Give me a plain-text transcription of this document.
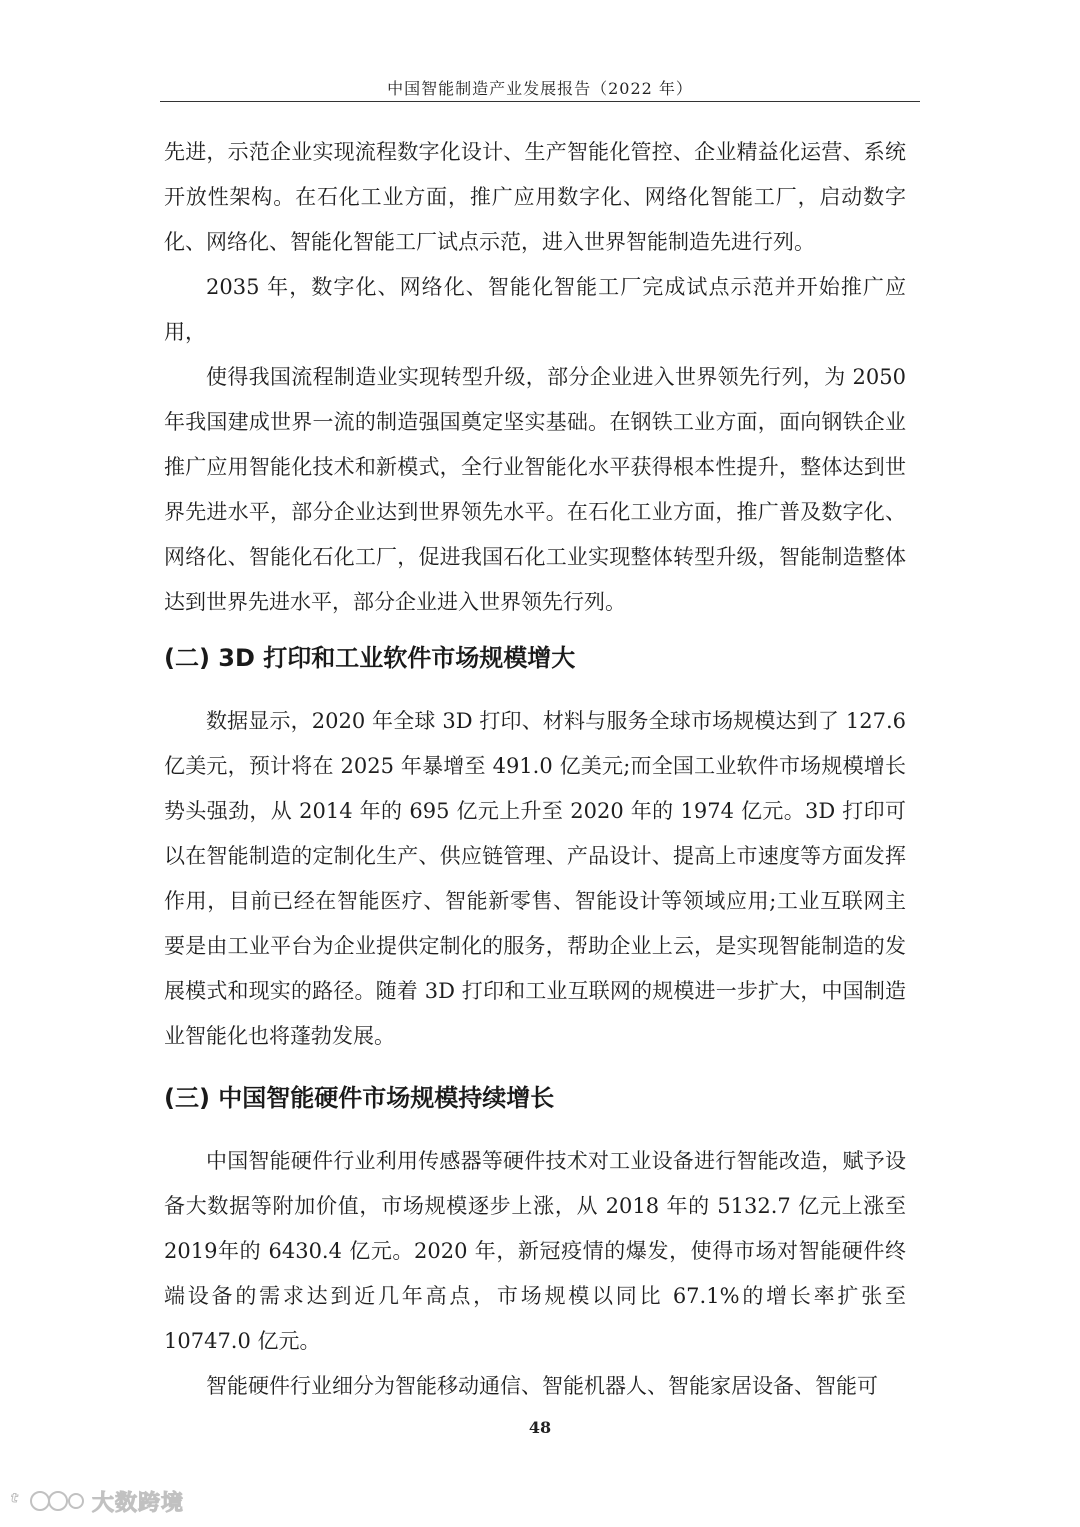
中国智能制造产业发展报告（2022 年）

先进，示范企业实现流程数字化设计、生产智能化管控、企业精益化运营、系统开放性架构。在石化工业方面，推广应用数字化、网络化智能工厂，启动数字化、网络化、智能化智能工厂试点示范，进入世界智能制造先进行列。

2035 年，数字化、网络化、智能化智能工厂完成试点示范并开始推广应用，

使得我国流程制造业实现转型升级，部分企业进入世界领先行列，为 2050 年我国建成世界一流的制造强国奠定坚实基础。在钢铁工业方面，面向钢铁企业推广应用智能化技术和新模式，全行业智能化水平获得根本性提升，整体达到世界先进水平，部分企业达到世界领先水平。在石化工业方面，推广普及数字化、网络化、智能化石化工厂，促进我国石化工业实现整体转型升级，智能制造整体达到世界先进水平，部分企业进入世界领先行列。

(二) 3D 打印和工业软件市场规模增大

数据显示，2020 年全球 3D 打印、材料与服务全球市场规模达到了 127.6 亿美元，预计将在 2025 年暴增至 491.0 亿美元;而全国工业软件市场规模增长势头强劲，从 2014 年的 695 亿元上升至 2020 年的 1974 亿元。3D 打印可以在智能制造的定制化生产、供应链管理、产品设计、提高上市速度等方面发挥作用，目前已经在智能医疗、智能新零售、智能设计等领域应用;工业互联网主要是由工业平台为企业提供定制化的服务，帮助企业上云，是实现智能制造的发展模式和现实的路径。随着 3D 打印和工业互联网的规模进一步扩大，中国制造业智能化也将蓬勃发展。

(三) 中国智能硬件市场规模持续增长

中国智能硬件行业利用传感器等硬件技术对工业设备进行智能改造，赋予设备大数据等附加价值，市场规模逐步上涨，从 2018 年的 5132.7 亿元上涨至 2019年的 6430.4 亿元。2020 年，新冠疫情的爆发，使得市场对智能硬件终端设备的需求达到近几年高点，市场规模以同比 67.1%的增长率扩张至 10747.0 亿元。

智能硬件行业细分为智能移动通信、智能机器人、智能家居设备、智能可

48
ᵗ	大数跨境
